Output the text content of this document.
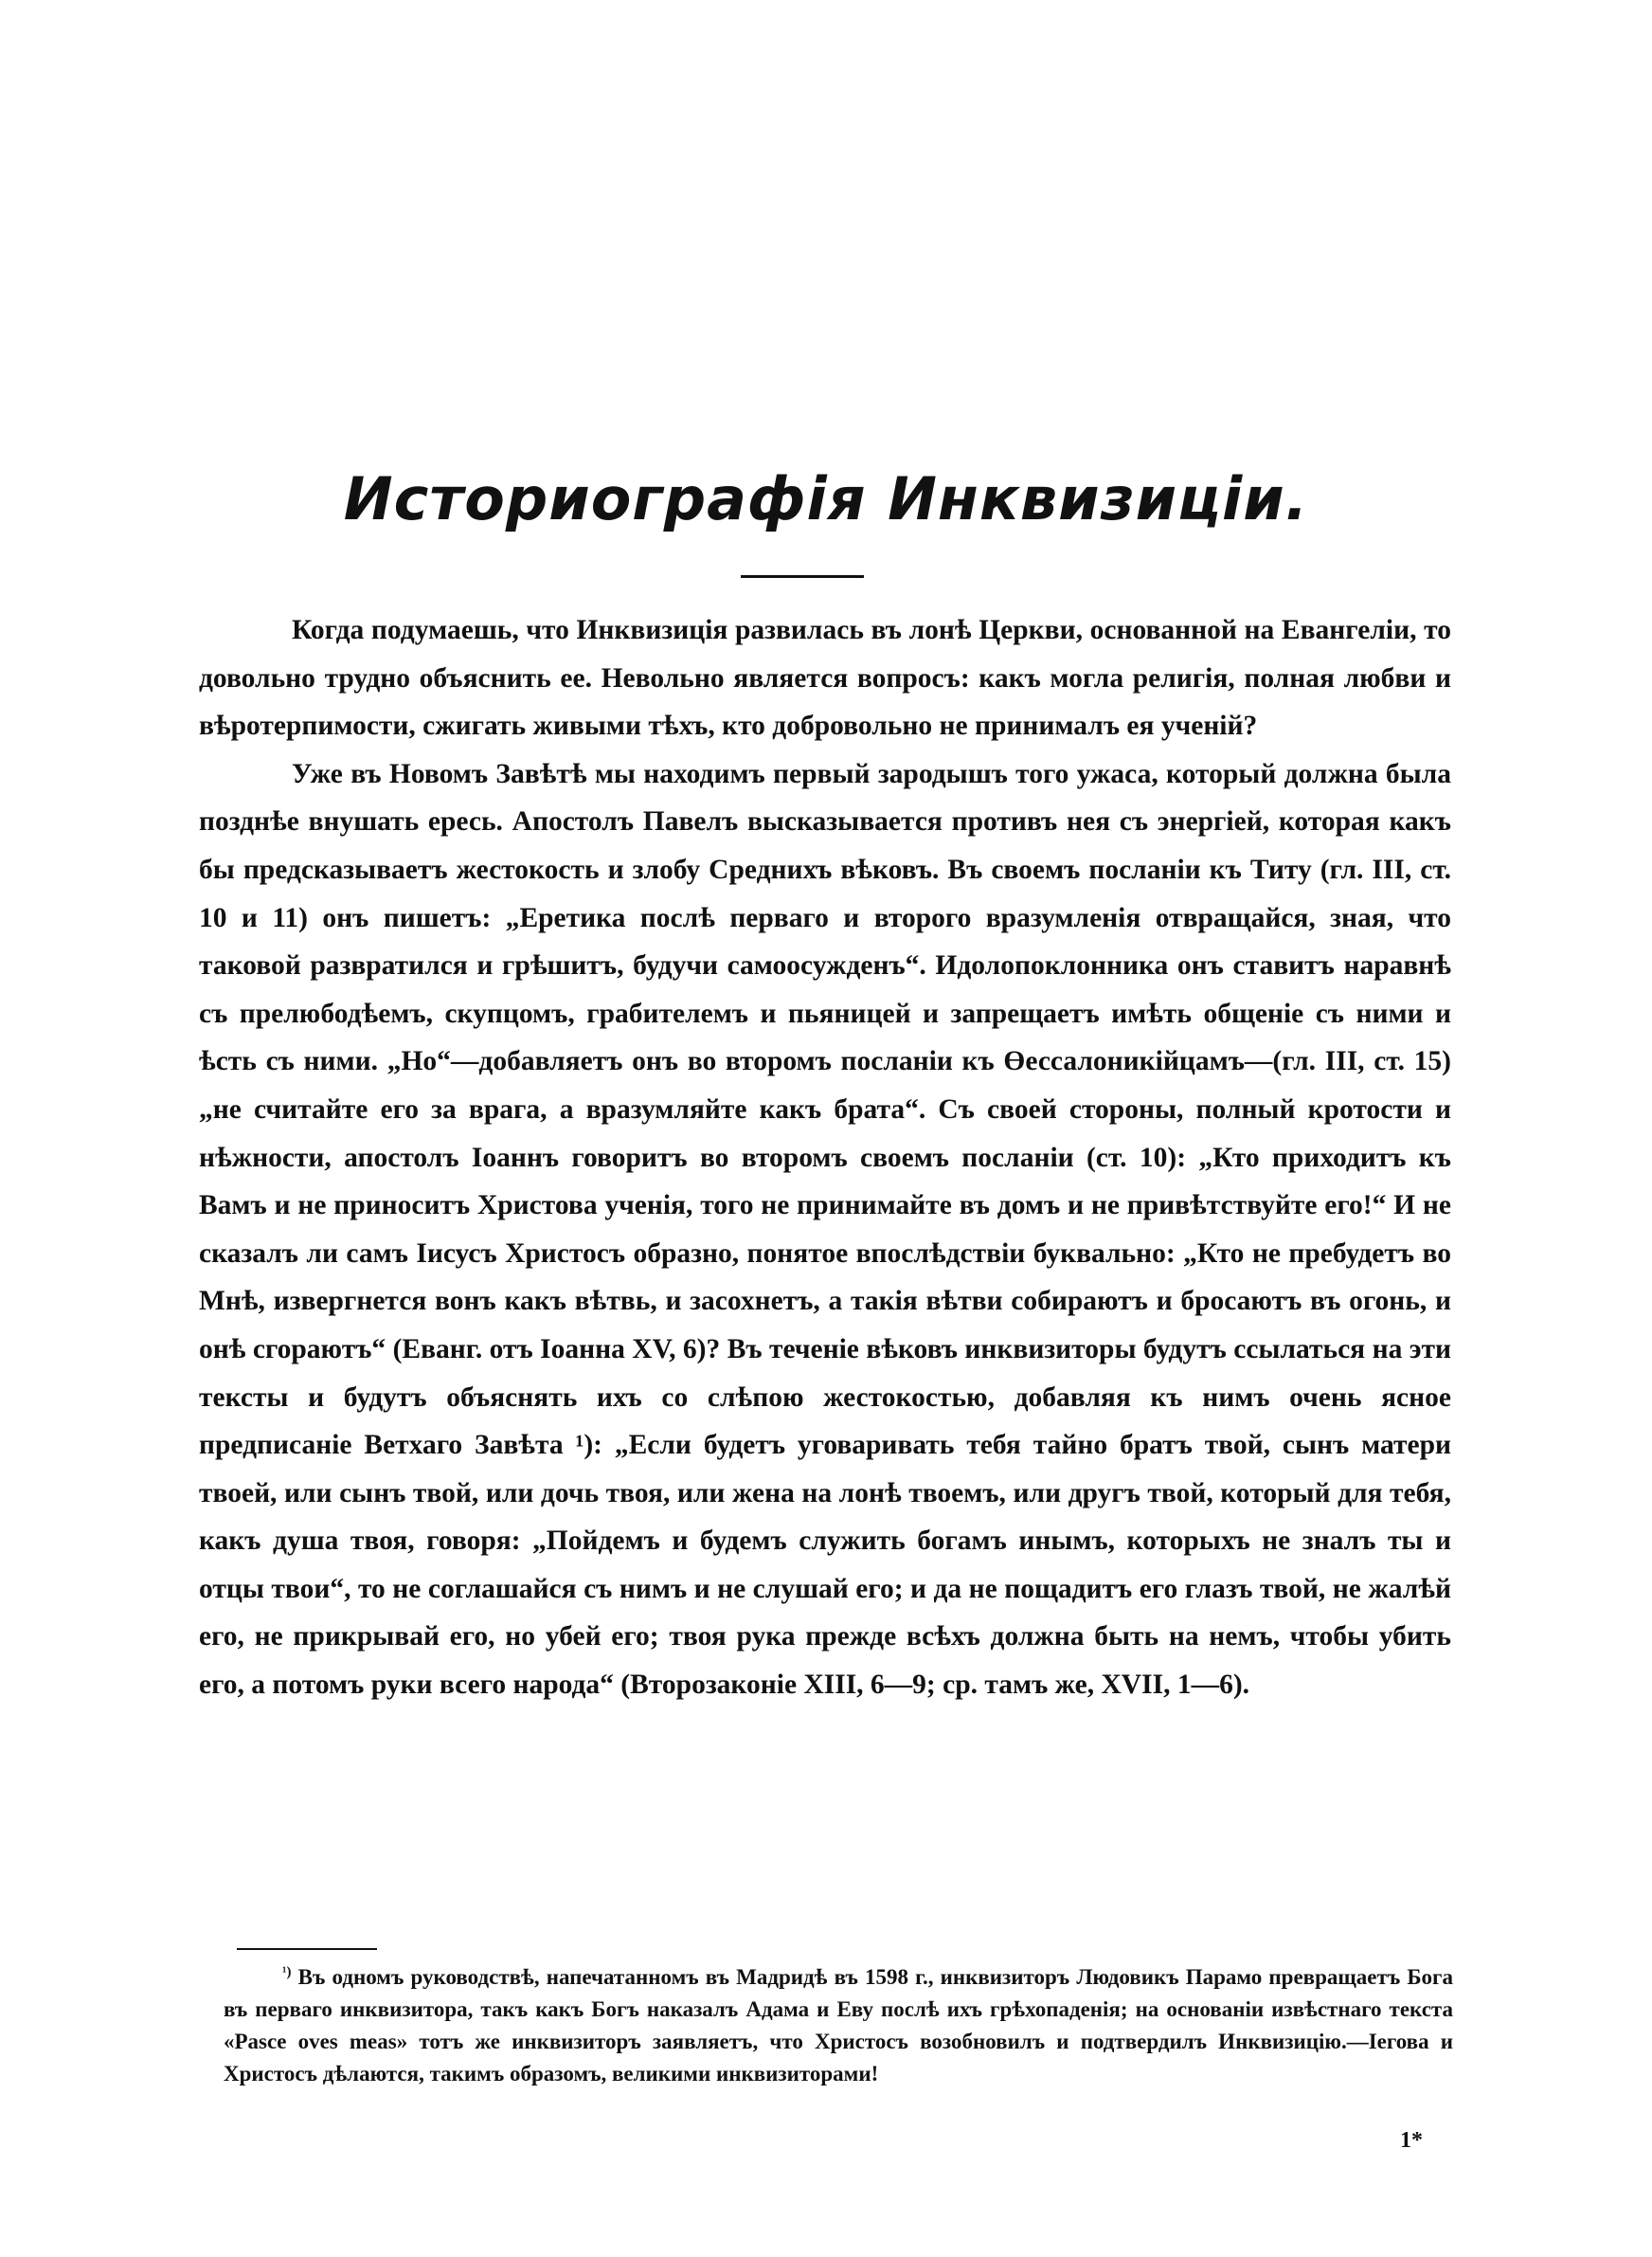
Историографія Инквизиціи.

Когда подумаешь, что Инквизиція развилась въ лонѣ Церкви, основанной на Евангеліи, то довольно трудно объяснить ее. Невольно является вопросъ: какъ могла религія, полная любви и вѣротерпимости, сжигать живыми тѣхъ, кто добровольно не принималъ ея ученій?

Уже въ Новомъ Завѣтѣ мы находимъ первый зародышъ того ужаса, который должна была позднѣе внушать ересь. Апостолъ Павелъ высказывается противъ нея съ энергіей, которая какъ бы предсказываетъ жестокость и злобу Среднихъ вѣковъ. Въ своемъ посланіи къ Титу (гл. III, ст. 10 и 11) онъ пишетъ: „Еретика послѣ перваго и второго вразумленія отвращайся, зная, что таковой развратился и грѣшитъ, будучи самоосужденъ“. Идолопоклонника онъ ставитъ наравнѣ съ прелюбодѣемъ, скупцомъ, грабителемъ и пьяницей и запрещаетъ имѣть общеніе съ ними и ѣсть съ ними. „Но“—добавляетъ онъ во второмъ посланіи къ Өессалоникійцамъ—(гл. III, ст. 15) „не считайте его за врага, а вразумляйте какъ брата“. Съ своей стороны, полный кротости и нѣжности, апостолъ Іоаннъ говоритъ во второмъ своемъ посланіи (ст. 10): „Кто приходитъ къ Вамъ и не приноситъ Христова ученія, того не принимайте въ домъ и не привѣтствуйте его!“ И не сказалъ ли самъ Іисусъ Христосъ образно, понятое впослѣдствіи буквально: „Кто не пребудетъ во Мнѣ, извергнется вонъ какъ вѣтвь, и засохнетъ, а такія вѣтви собираютъ и бросаютъ въ огонь, и онѣ сгораютъ“ (Еванг. отъ Іоанна XV, 6)? Въ теченіе вѣковъ инквизиторы будутъ ссылаться на эти тексты и будутъ объяснять ихъ со слѣпою жестокостью, добавляя къ нимъ очень ясное предписаніе Ветхаго Завѣта ¹): „Если будетъ уговаривать тебя тайно братъ твой, сынъ матери твоей, или сынъ твой, или дочь твоя, или жена на лонѣ твоемъ, или другъ твой, который для тебя, какъ душа твоя, говоря: „Пойдемъ и будемъ служить богамъ инымъ, которыхъ не зналъ ты и отцы твои“, то не соглашайся съ нимъ и не слушай его; и да не пощадитъ его глазъ твой, не жалѣй его, не прикрывай его, но убей его; твоя рука прежде всѣхъ должна быть на немъ, чтобы убить его, а потомъ руки всего народа“ (Второзаконіе XIII, 6—9; ср. тамъ же, XVII, 1—6).

$^{^1)}$ Въ одномъ руководствѣ, напечатанномъ въ Мадридѣ въ 1598 г., инквизиторъ Людовикъ Парамо превращаетъ Бога въ перваго инквизитора, такъ какъ Богъ наказалъ Адама и Еву послѣ ихъ грѣхопаденія; на основаніи извѣстнаго текста «Pasce oves meas» тотъ же инквизиторъ заявляетъ, что Христосъ возобновилъ и подтвердилъ Инквизицію.—Іегова и Христосъ дѣлаются, такимъ образомъ, великими инквизиторами!

1*
